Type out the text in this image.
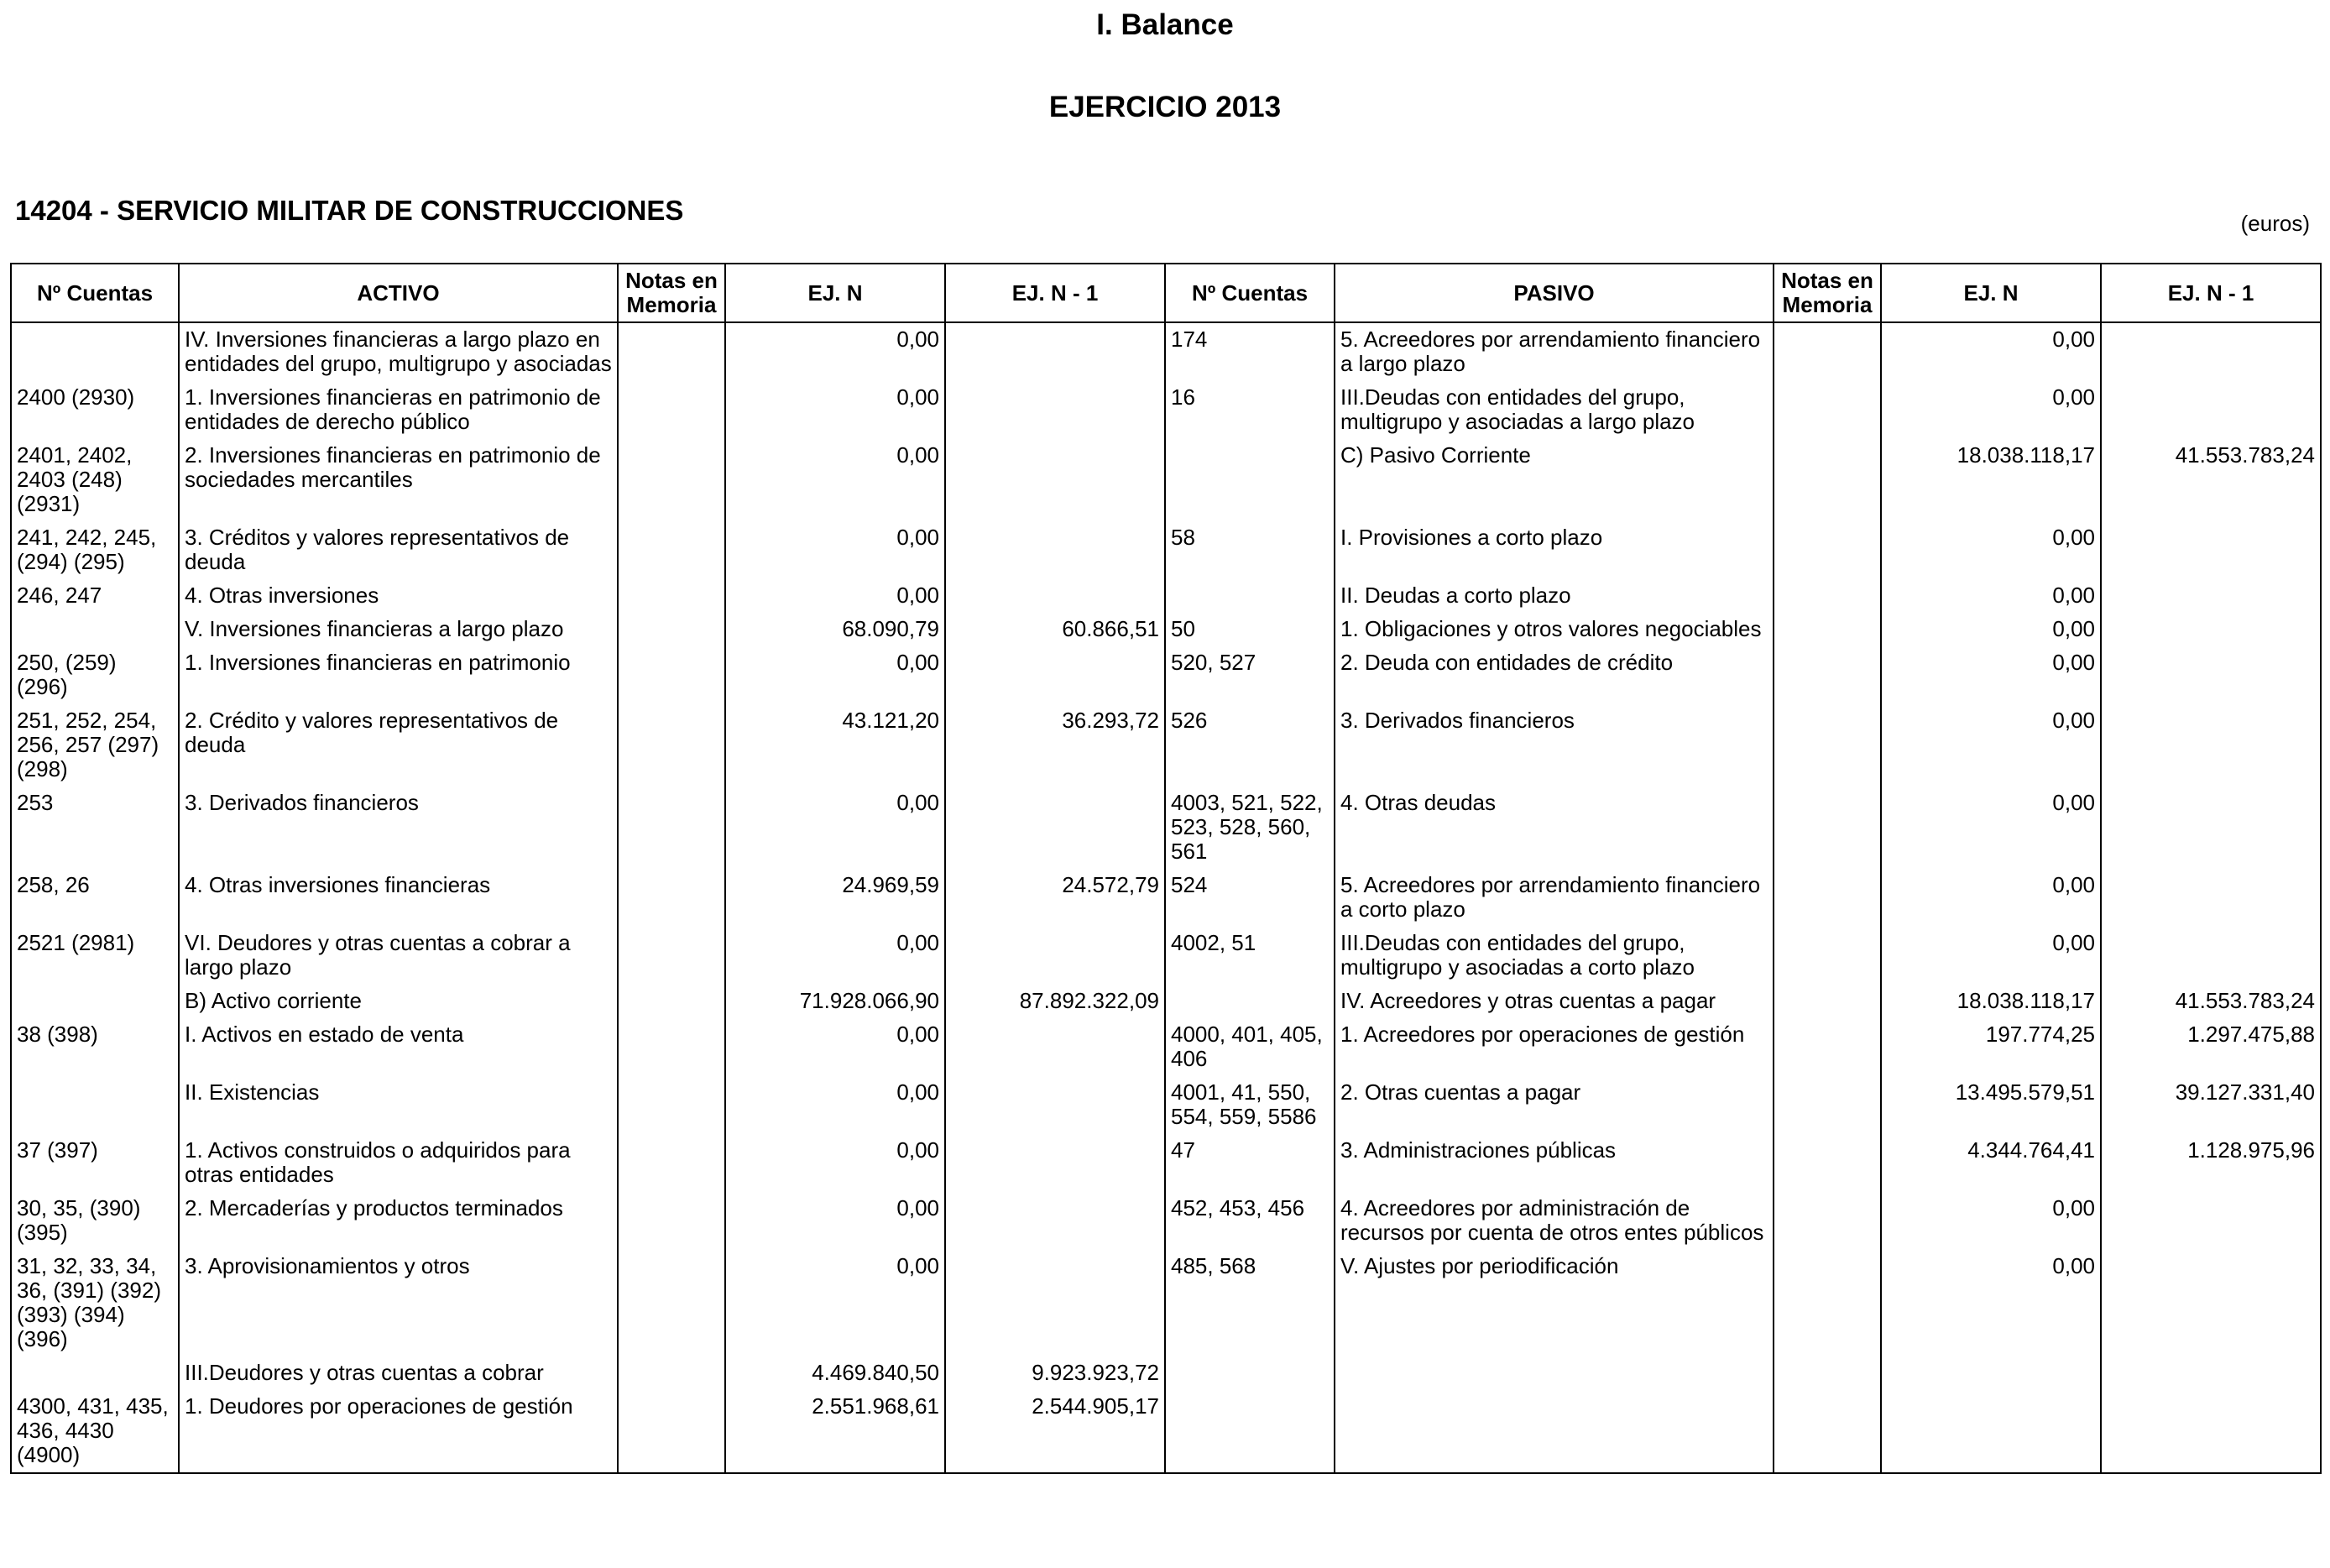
I. Balance
EJERCICIO 2013
14204 - SERVICIO MILITAR DE CONSTRUCCIONES	(euros)
Nº Cuentas	ACTIVO	Notas en Memoria	EJ. N	EJ. N - 1	Nº Cuentas	PASIVO	Notas en Memoria	EJ. N	EJ. N - 1
	IV. Inversiones financieras a largo plazo en entidades del grupo, multigrupo y asociadas		0,00		174	5. Acreedores por arrendamiento financiero a largo plazo		0,00	
2400 (2930)	1. Inversiones financieras en patrimonio de entidades de derecho público		0,00		16	III.Deudas con entidades del grupo, multigrupo y asociadas a largo plazo		0,00	
2401, 2402, 2403 (248) (2931)	2. Inversiones financieras en patrimonio de sociedades mercantiles		0,00			C) Pasivo Corriente		18.038.118,17	41.553.783,24
241, 242, 245, (294) (295)	3. Créditos y valores representativos de deuda		0,00		58	I. Provisiones a corto plazo		0,00	
246, 247	4. Otras inversiones		0,00			II. Deudas a corto plazo		0,00	
	V. Inversiones financieras a largo plazo		68.090,79	60.866,51	50	1. Obligaciones y otros valores negociables		0,00	
250, (259) (296)	1. Inversiones financieras en patrimonio		0,00		520, 527	2. Deuda con entidades de crédito		0,00	
251, 252, 254, 256, 257 (297) (298)	2. Crédito y valores representativos de deuda		43.121,20	36.293,72	526	3. Derivados financieros		0,00	
253	3. Derivados financieros		0,00		4003, 521, 522, 523, 528, 560, 561	4. Otras deudas		0,00	
258, 26	4. Otras inversiones financieras		24.969,59	24.572,79	524	5. Acreedores por arrendamiento financiero a corto plazo		0,00	
2521 (2981)	VI. Deudores y otras cuentas a cobrar a largo plazo		0,00		4002, 51	III.Deudas con entidades del grupo, multigrupo y asociadas a corto plazo		0,00	
	B) Activo corriente		71.928.066,90	87.892.322,09		IV. Acreedores y otras cuentas a pagar		18.038.118,17	41.553.783,24
38 (398)	I. Activos en estado de venta		0,00		4000, 401, 405, 406	1. Acreedores por operaciones de gestión		197.774,25	1.297.475,88
	II. Existencias		0,00		4001, 41, 550, 554, 559, 5586	2. Otras cuentas a pagar		13.495.579,51	39.127.331,40
37 (397)	1. Activos construidos o adquiridos para otras entidades		0,00		47	3. Administraciones públicas		4.344.764,41	1.128.975,96
30, 35, (390) (395)	2. Mercaderías y productos terminados		0,00		452, 453, 456	4. Acreedores por administración de recursos por cuenta de otros entes públicos		0,00	
31, 32, 33, 34, 36, (391) (392) (393) (394) (396)	3. Aprovisionamientos y otros		0,00		485, 568	V. Ajustes por periodificación		0,00	
	III.Deudores y otras cuentas a cobrar		4.469.840,50	9.923.923,72					
4300, 431, 435, 436, 4430 (4900)	1. Deudores por operaciones de gestión		2.551.968,61	2.544.905,17					
